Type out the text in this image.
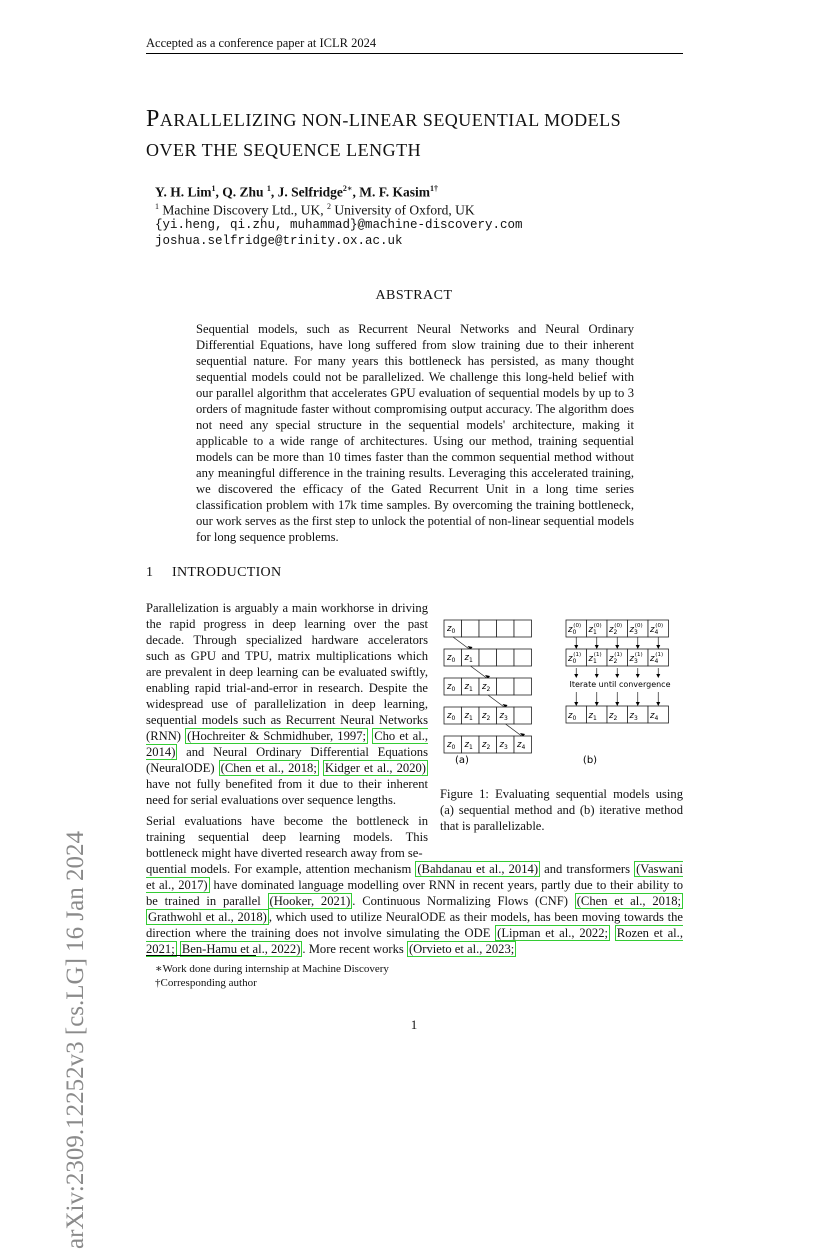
Accepted as a conference paper at ICLR 2024
arXiv:2309.12252v3 [cs.LG] 16 Jan 2024
PARALLELIZING NON-LINEAR SEQUENTIAL MODELS
OVER THE SEQUENCE LENGTH
Y. H. Lim$^1$, Q. Zhu $^1$, J. Selfridge$^{2∗}$, M. F. Kasim$^{1\dagger}$
$^1$ Machine Discovery Ltd., UK, $^2$ University of Oxford, UK
{yi.heng, qi.zhu, muhammad}@machine-discovery.com
joshua.selfridge@trinity.ox.ac.uk
ABSTRACT
Sequential models, such as Recurrent Neural Networks and Neural Ordinary Differential Equations, have long suffered from slow training due to their inherent sequential nature. For many years this bottleneck has persisted, as many thought sequential models could not be parallelized. We challenge this long-held belief with our parallel algorithm that accelerates GPU evaluation of sequential models by up to 3 orders of magnitude faster without compromising output accuracy. The algorithm does not need any special structure in the sequential models' architecture, making it applicable to a wide range of architectures. Using our method, training sequential models can be more than 10 times faster than the common sequential method without any meaningful difference in the training results. Leveraging this accelerated training, we discovered the efficacy of the Gated Recurrent Unit in a long time series classification problem with 17k time samples. By overcoming the training bottleneck, our work serves as the first step to unlock the potential of non-linear sequential models for long sequence problems.
1 INTRODUCTION
Parallelization is arguably a main workhorse in driving the rapid progress in deep learning over the past decade. Through specialized hardware accelerators such as GPU and TPU, matrix multiplications which are prevalent in deep learning can be evaluated swiftly, enabling rapid trial-and-error in research. Despite the widespread use of parallelization in deep learning, sequential models such as Recurrent Neural Networks (RNN) (Hochreiter & Schmidhuber, 1997; Cho et al., 2014) and Neural Ordinary Differential Equations (NeuralODE) (Chen et al., 2018; Kidger et al., 2020) have not fully benefited from it due to their inherent need for serial evaluations over sequence lengths.
Serial evaluations have become the bottleneck in training sequential deep learning models. This bottleneck might have diverted research away from se-
quential models. For example, attention mechanism (Bahdanau et al., 2014) and transformers (Vaswani et al., 2017) have dominated language modelling over RNN in recent years, partly due to their ability to be trained in parallel (Hooker, 2021) . Continuous Normalizing Flows (CNF) (Chen et al., 2018; Grathwohl et al., 2018) , which used to utilize NeuralODE as their models, has been moving towards the direction where the training does not involve simulating the ODE (Lipman et al., 2022; Rozen et al., 2021; Ben-Hamu et al., 2022) . More recent works (Orvieto et al., 2023;
$z_0$
$z_0$ $z_1$
$z_0$ $z_1$ $z_2$
$z_0$ $z_1$ $z_2$ $z_3$
$z_0$ $z_1$ $z_2$ $z_3$ $z_4$
$z_0(0)$ $z_1(0)$ $z_2(0)$ $z_3(0)$ $z_4(0)$
$z_0(1)$ $z_1(1)$ $z_2(1)$ $z_3(1)$ $z_4(1)$
$z_0$ $z_1$ $z_2$ $z_3$ $z_4$
(a)	(b)
Iterate until convergence
Figure 1: Evaluating sequential models using (a) sequential method and (b) iterative method that is parallelizable.
∗Work done during internship at Machine Discovery
†Corresponding author
1
